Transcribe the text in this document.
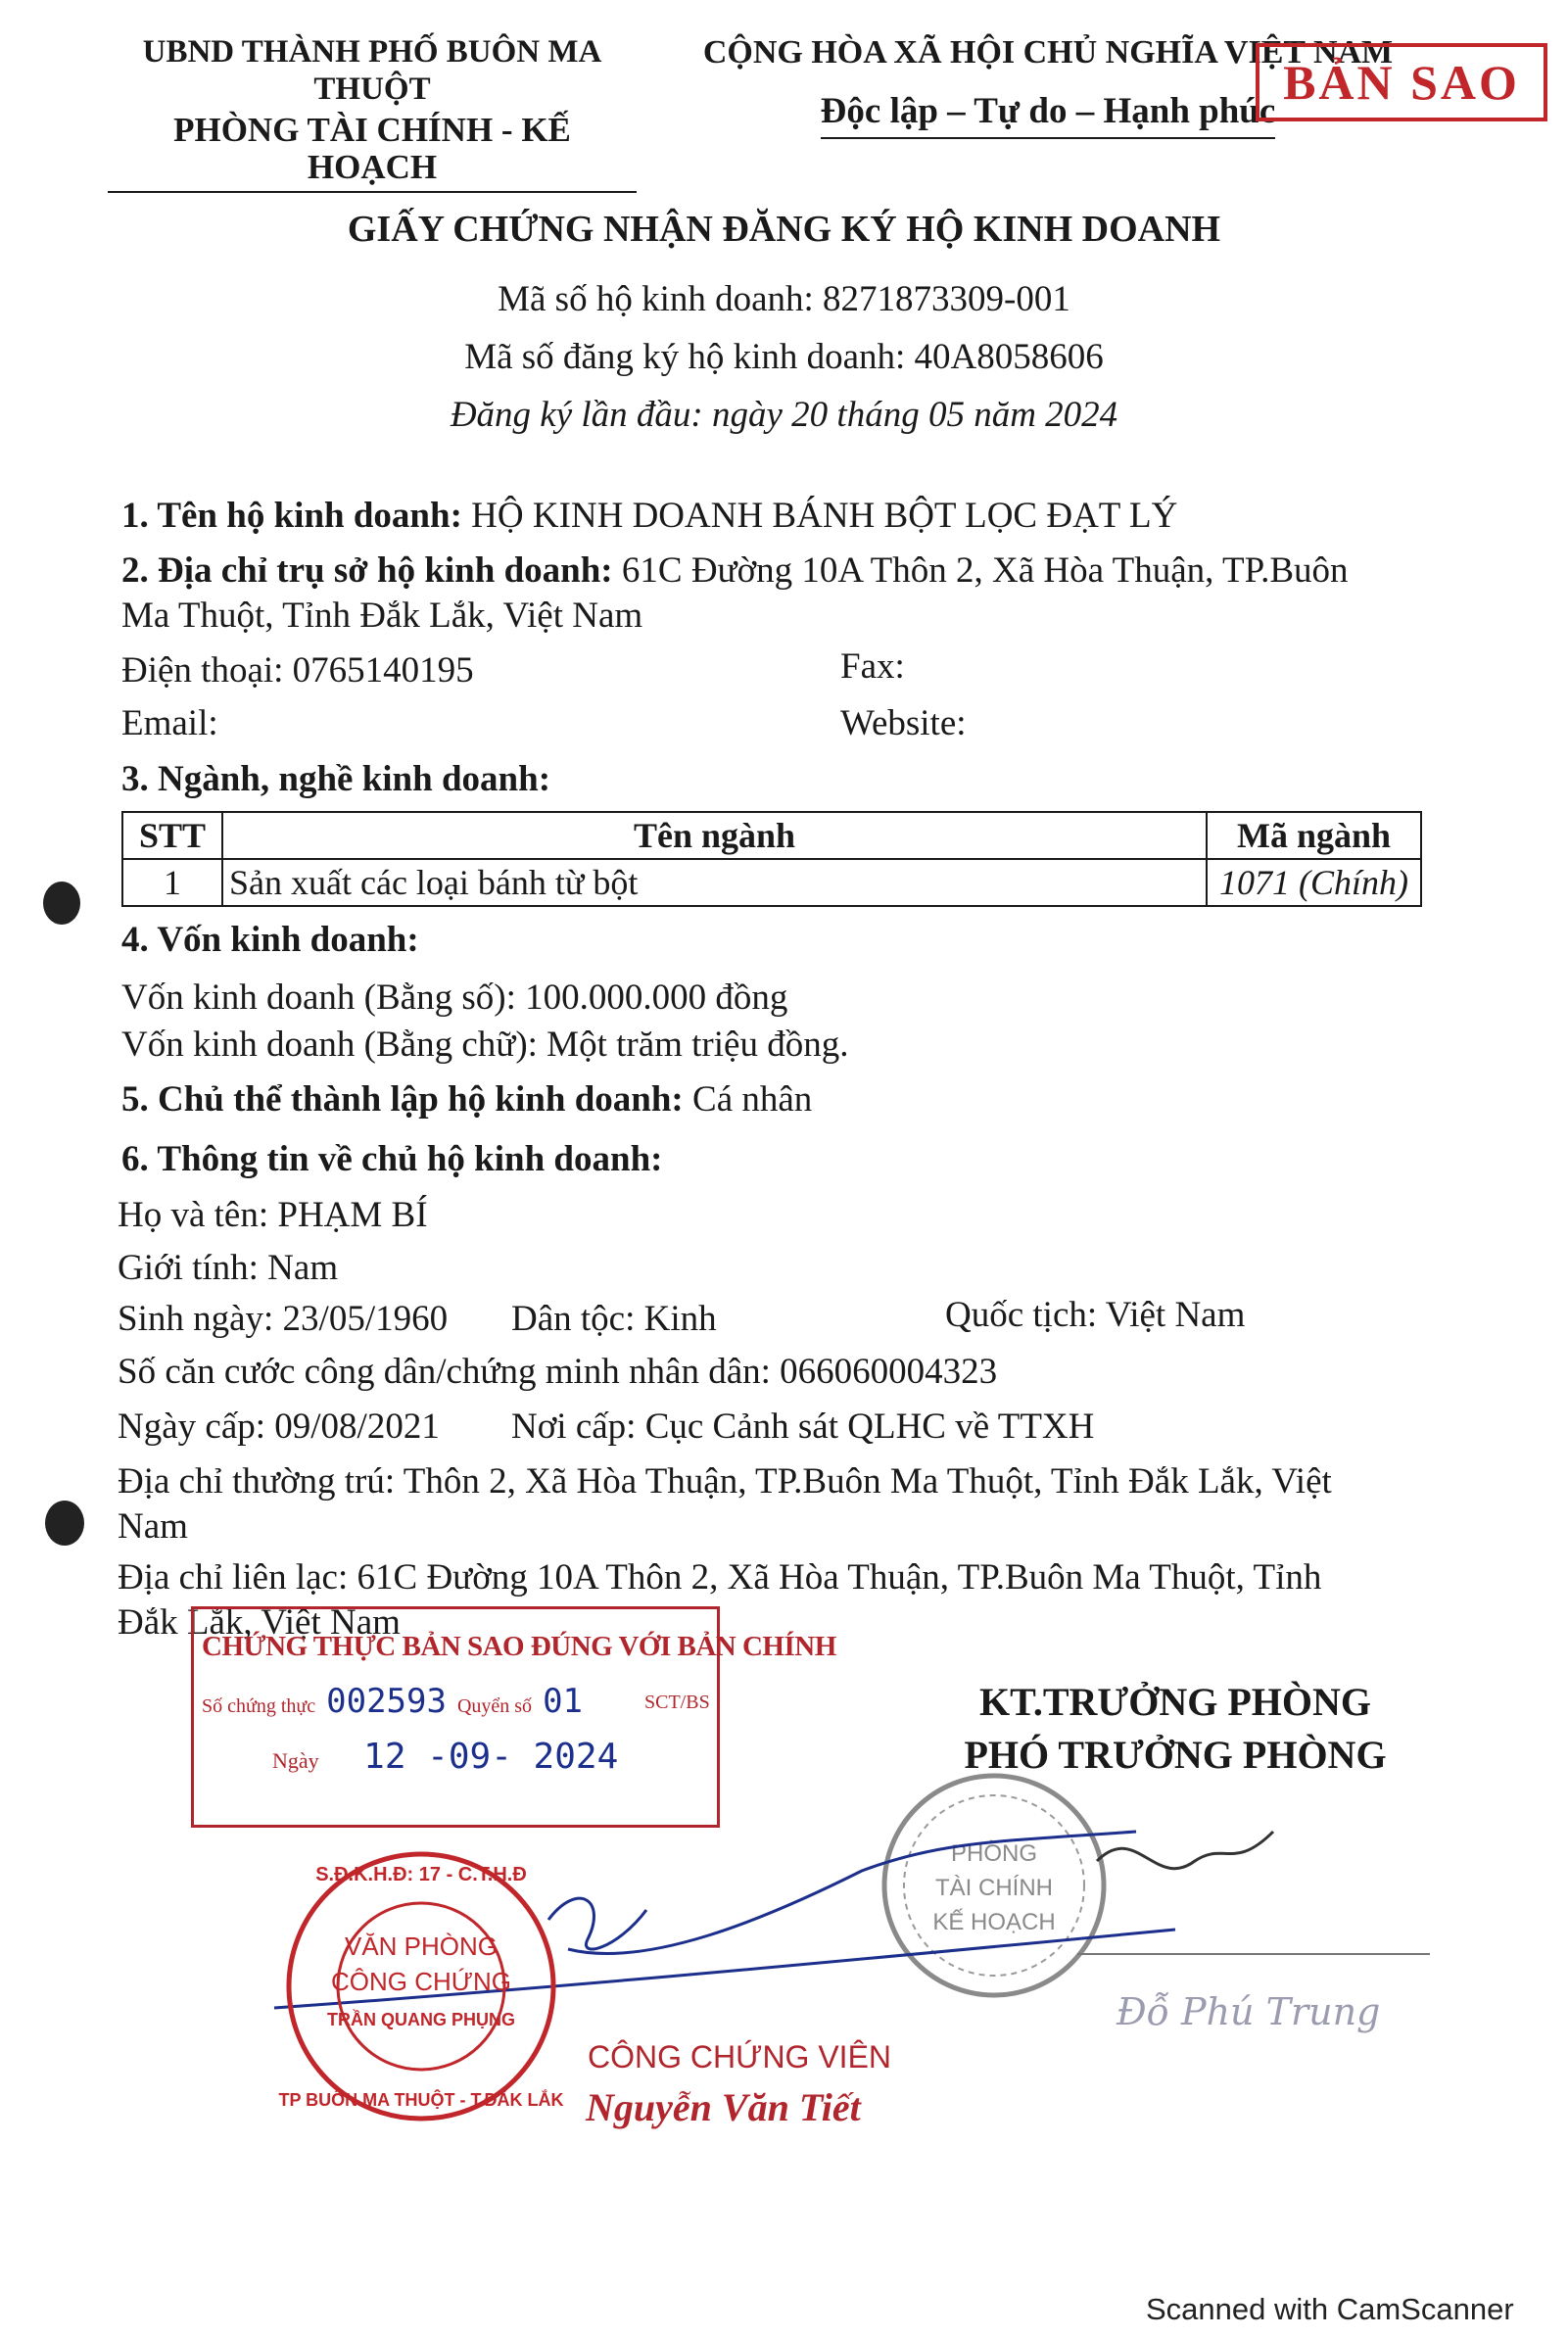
UBND THÀNH PHỐ BUÔN MA THUỘT
PHÒNG TÀI CHÍNH - KẾ HOẠCH
CỘNG HÒA XÃ HỘI CHỦ NGHĨA VIỆT NAM
Độc lập – Tự do – Hạnh phúc
BẢN SAO
GIẤY CHỨNG NHẬN ĐĂNG KÝ HỘ KINH DOANH
Mã số hộ kinh doanh: 8271873309-001
Mã số đăng ký hộ kinh doanh: 40A8058606
Đăng ký lần đầu: ngày 20 tháng 05 năm 2024
1. Tên hộ kinh doanh: HỘ KINH DOANH BÁNH BỘT LỌC ĐẠT LÝ
2. Địa chỉ trụ sở hộ kinh doanh: 61C Đường 10A Thôn 2, Xã Hòa Thuận, TP.Buôn
Ma Thuột, Tỉnh Đắk Lắk, Việt Nam
Điện thoại: 0765140195	Fax:
Email:	Website:
3. Ngành, nghề kinh doanh:
STT	Tên ngành	Mã ngành
1	Sản xuất các loại bánh từ bột	1071 (Chính)
4. Vốn kinh doanh:
Vốn kinh doanh (Bằng số): 100.000.000 đồng
Vốn kinh doanh (Bằng chữ): Một trăm triệu đồng.
5. Chủ thể thành lập hộ kinh doanh: Cá nhân
6. Thông tin về chủ hộ kinh doanh:
Họ và tên: PHẠM BÍ
Giới tính: Nam
Sinh ngày: 23/05/1960 Dân tộc: Kinh	Quốc tịch: Việt Nam
Số căn cước công dân/chứng minh nhân dân: 066060004323
Ngày cấp: 09/08/2021 Nơi cấp: Cục Cảnh sát QLHC về TTXH
Địa chỉ thường trú: Thôn 2, Xã Hòa Thuận, TP.Buôn Ma Thuột, Tỉnh Đắk Lắk, Việt
Nam
Địa chỉ liên lạc: 61C Đường 10A Thôn 2, Xã Hòa Thuận, TP.Buôn Ma Thuột, Tỉnh
Đắk Lắk, Việt Nam
CHỨNG THỰC BẢN SAO ĐÚNG VỚI BẢN CHÍNH
Số chứng thực 002593 Quyển số 01	SCT/BS
Ngày 12 -09- 2024
KT.TRƯỞNG PHÒNG
PHÓ TRƯỞNG PHÒNG
PHÒNG
TÀI CHÍNH
KẾ HOẠCH
Đỗ Phú Trung
S.Đ.K.H.Đ: 17 - C.T.H.Đ
VĂN PHÒNG
CÔNG CHỨNG
TRẦN QUANG PHỤNG
TP BUÔN MA THUỘT - T.ĐẮK LẮK
CÔNG CHỨNG VIÊN
Nguyễn Văn Tiết
Scanned with CamScanner
